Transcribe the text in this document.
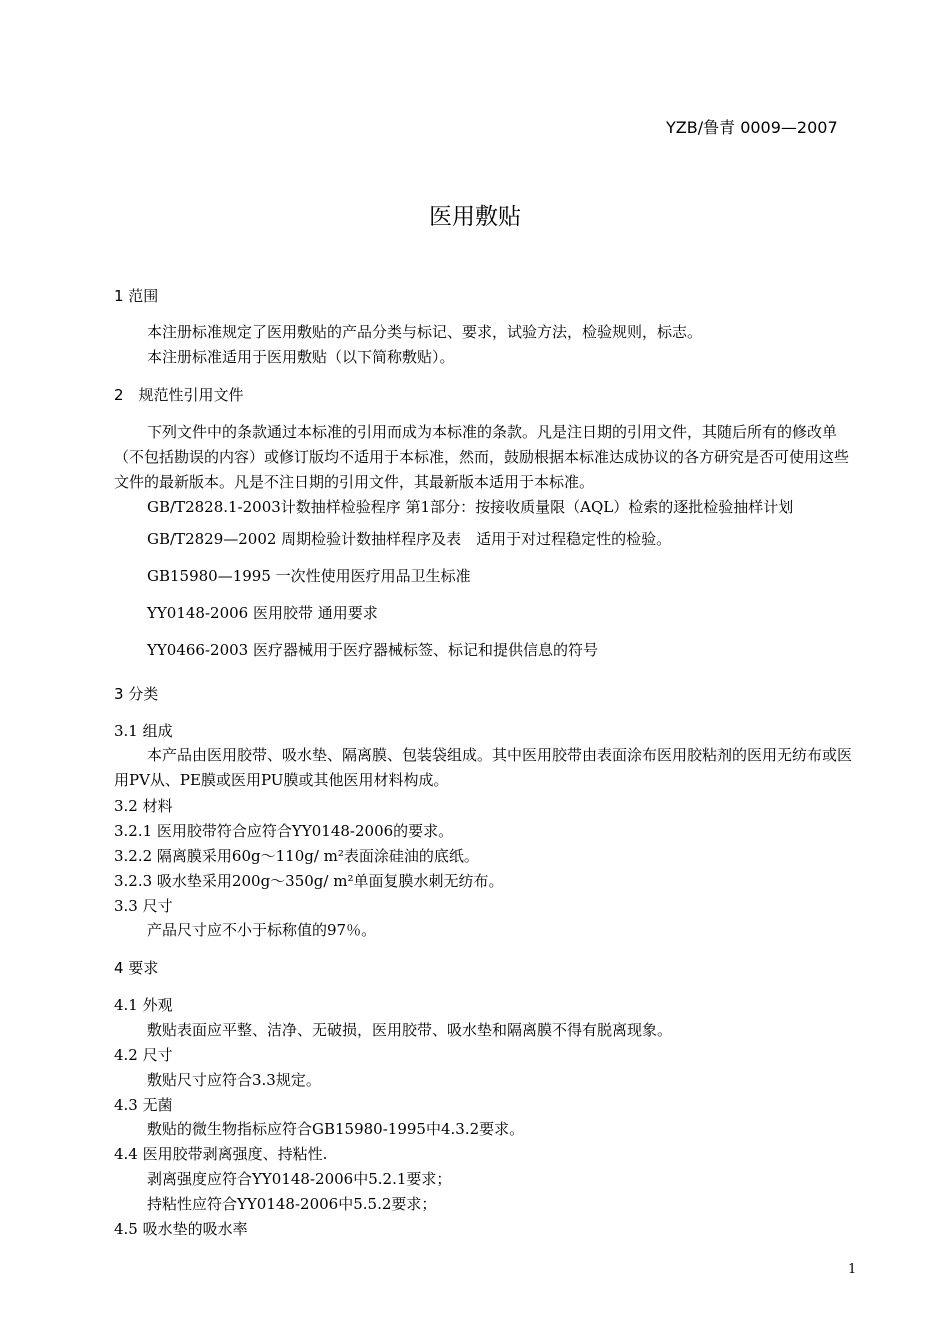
YZB/鲁青 0009—2007
医用敷贴
1 范围
本注册标准规定了医用敷贴的产品分类与标记、要求，试验方法，检验规则，标志。
本注册标准适用于医用敷贴（以下简称敷贴）。
2　规范性引用文件
下列文件中的条款通过本标准的引用而成为本标准的条款。凡是注日期的引用文件，其随后所有的修改单（不包括勘误的内容）或修订版均不适用于本标准，然而，鼓励根据本标准达成协议的各方研究是否可使用这些文件的最新版本。凡是不注日期的引用文件，其最新版本适用于本标准。
GB/T2828.1-2003计数抽样检验程序 第1部分：按接收质量限（AQL）检索的逐批检验抽样计划
GB/T2829—2002 周期检验计数抽样程序及表　适用于对过程稳定性的检验。
GB15980—1995 一次性使用医疗用品卫生标准
YY0148-2006 医用胶带 通用要求
YY0466-2003 医疗器械用于医疗器械标签、标记和提供信息的符号
3 分类
3.1 组成
本产品由医用胶带、吸水垫、隔离膜、包装袋组成。其中医用胶带由表面涂布医用胶粘剂的医用无纺布或医用PV从、PE膜或医用PU膜或其他医用材料构成。
3.2 材料
3.2.1 医用胶带符合应符合YY0148-2006的要求。
3.2.2 隔离膜采用60g～110g/ m²表面涂硅油的底纸。
3.2.3 吸水垫采用200g～350g/ m²单面复膜水刺无纺布。
3.3 尺寸
产品尺寸应不小于标称值的97％。
4 要求
4.1 外观
敷贴表面应平整、洁净、无破损，医用胶带、吸水垫和隔离膜不得有脱离现象。
4.2 尺寸
敷贴尺寸应符合3.3规定。
4.3 无菌
敷贴的微生物指标应符合GB15980-1995中4.3.2要求。
4.4 医用胶带剥离强度、持粘性.
剥离强度应符合YY0148-2006中5.2.1要求；
持粘性应符合YY0148-2006中5.5.2要求；
4.5 吸水垫的吸水率
1
